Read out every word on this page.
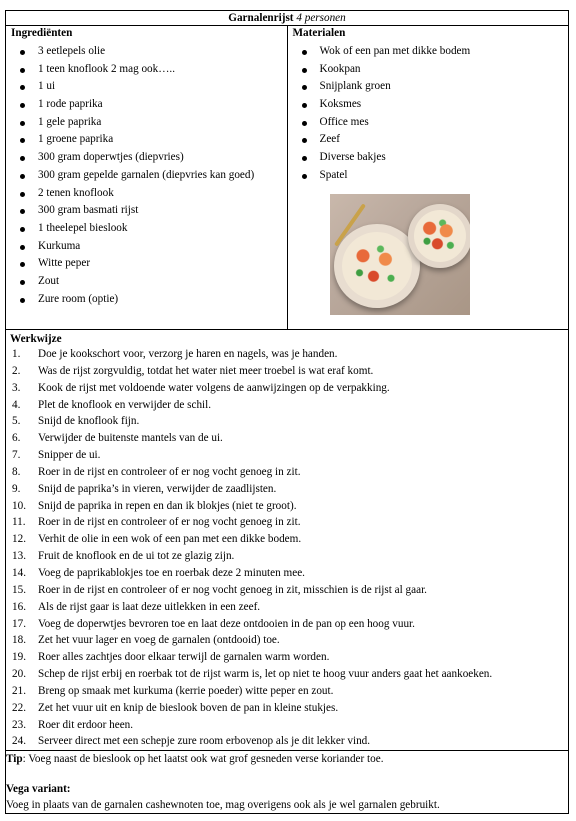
Garnalenrijst 4 personen

Ingrediënten
3 eetlepels olie
1 teen knoflook 2 mag ook…..
1 ui
1 rode paprika
1 gele paprika
1 groene paprika
300 gram doperwtjes (diepvries)
300 gram gepelde garnalen (diepvries kan goed)
2 tenen knoflook
300 gram basmati rijst
1 theelepel bieslook
Kurkuma
Witte peper
Zout
Zure room (optie)

Materialen
Wok of een pan met dikke bodem
Kookpan
Snijplank groen
Koksmes
Office mes
Zeef
Diverse bakjes
Spatel

Werkwijze
1. Doe je kookschort voor, verzorg je haren en nagels, was je handen.
2. Was de rijst zorgvuldig, totdat het water niet meer troebel is wat eraf komt.
3. Kook de rijst met voldoende water volgens de aanwijzingen op de verpakking.
4. Plet de knoflook en verwijder de schil.
5. Snijd de knoflook fijn.
6. Verwijder de buitenste mantels van de ui.
7. Snipper de ui.
8. Roer in de rijst en controleer of er nog vocht genoeg in zit.
9. Snijd de paprika’s in vieren, verwijder de zaadlijsten.
10. Snijd de paprika in repen en dan ik blokjes (niet te groot).
11. Roer in de rijst en controleer of er nog vocht genoeg in zit.
12. Verhit de olie in een wok of een pan met een dikke bodem.
13. Fruit de knoflook en de ui tot ze glazig zijn.
14. Voeg de paprikablokjes toe en roerbak deze 2 minuten mee.
15. Roer in de rijst en controleer of er nog vocht genoeg in zit, misschien is de rijst al gaar.
16. Als de rijst gaar is laat deze uitlekken in een zeef.
17. Voeg de doperwtjes bevroren toe en laat deze ontdooien in de pan op een hoog vuur.
18. Zet het vuur lager en voeg de garnalen (ontdooid) toe.
19. Roer alles zachtjes door elkaar terwijl de garnalen warm worden.
20. Schep de rijst erbij en roerbak tot de rijst warm is, let op niet te hoog vuur anders gaat het aankoeken.
21. Breng op smaak met kurkuma (kerrie poeder) witte peper en zout.
22. Zet het vuur uit en knip de bieslook boven de pan in kleine stukjes.
23. Roer dit erdoor heen.
24. Serveer direct met een schepje zure room erbovenop als je dit lekker vind.

Tip: Voeg naast de bieslook op het laatst ook wat grof gesneden verse koriander toe.
Vega variant:
Voeg in plaats van de garnalen cashewnoten toe, mag overigens ook als je wel garnalen gebruikt.
